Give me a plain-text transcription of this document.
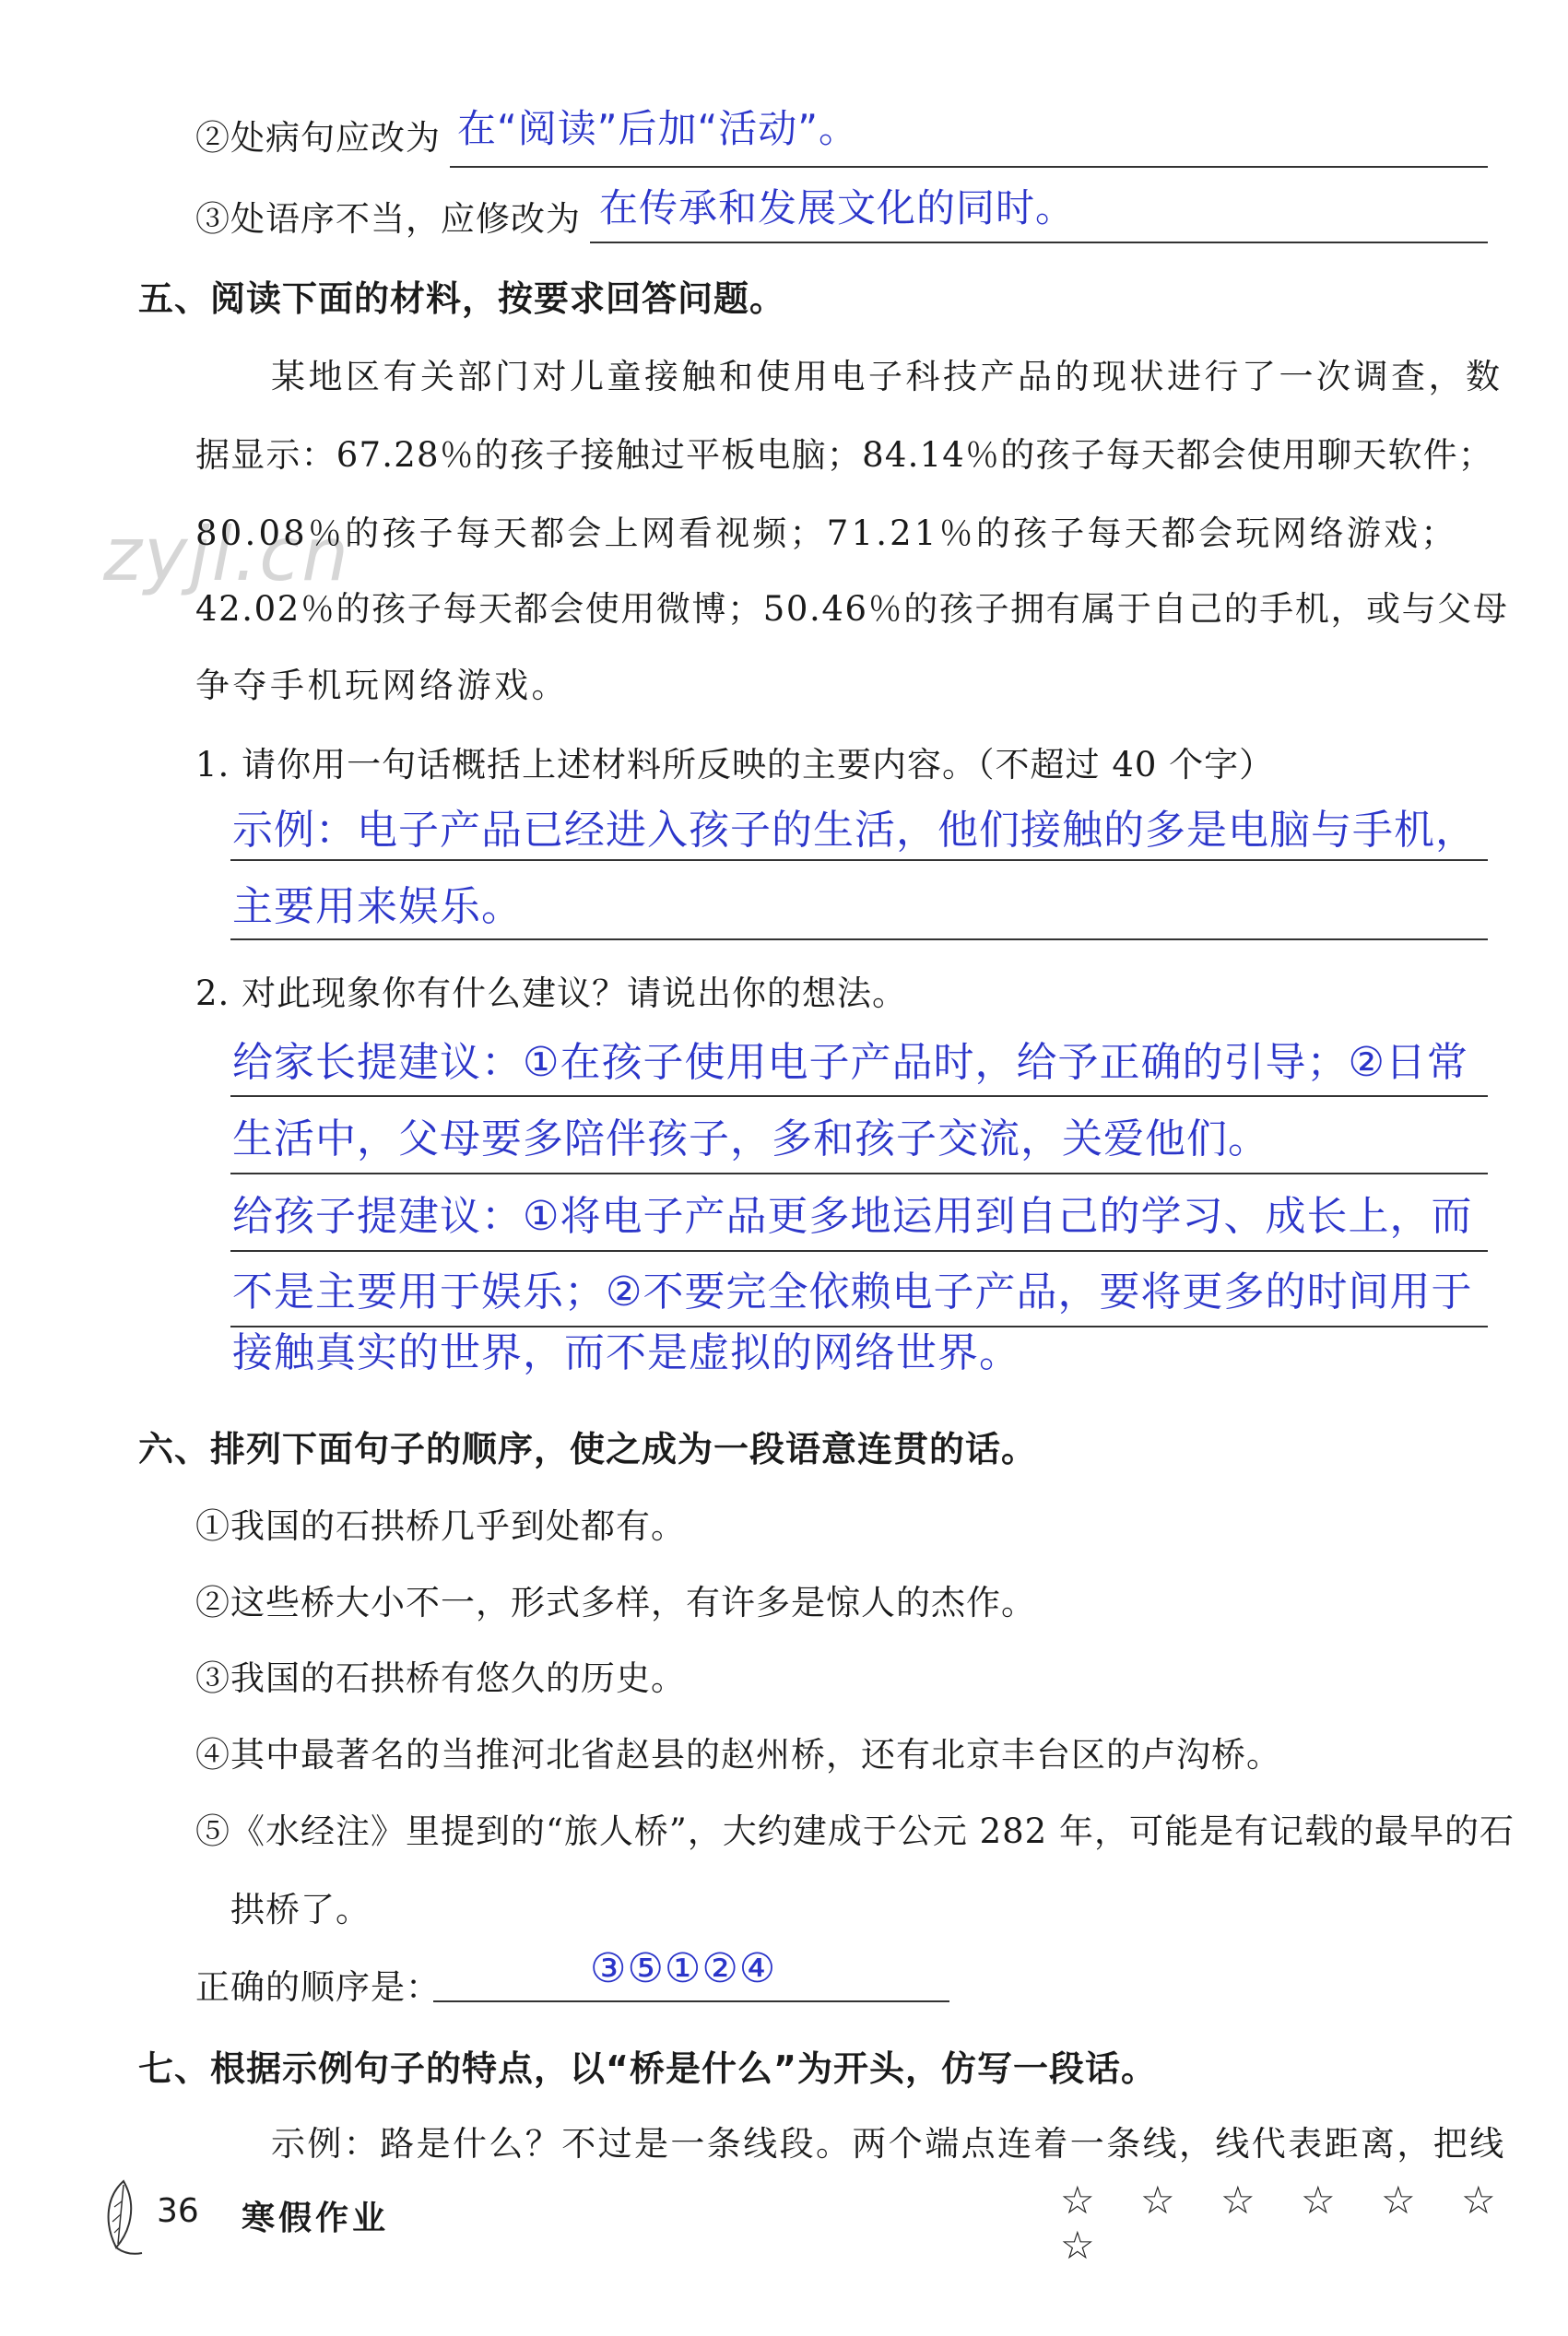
zyjl.cn
②处病句应改为 在“阅读”后加“活动”。
③处语序不当，应修改为 在传承和发展文化的同时。
五、阅读下面的材料，按要求回答问题。
某地区有关部门对儿童接触和使用电子科技产品的现状进行了一次调查，数
据显示：67.28％的孩子接触过平板电脑；84.14％的孩子每天都会使用聊天软件；
80.08％的孩子每天都会上网看视频；71.21％的孩子每天都会玩网络游戏；
42.02％的孩子每天都会使用微博；50.46％的孩子拥有属于自己的手机，或与父母
争夺手机玩网络游戏。
1. 请你用一句话概括上述材料所反映的主要内容。（不超过 40 个字）
示例：电子产品已经进入孩子的生活，他们接触的多是电脑与手机，
主要用来娱乐。
2. 对此现象你有什么建议？请说出你的想法。
给家长提建议：①在孩子使用电子产品时，给予正确的引导；②日常
生活中，父母要多陪伴孩子，多和孩子交流，关爱他们。
给孩子提建议：①将电子产品更多地运用到自己的学习、成长上，而
不是主要用于娱乐；②不要完全依赖电子产品，要将更多的时间用于
接触真实的世界，而不是虚拟的网络世界。
六、排列下面句子的顺序，使之成为一段语意连贯的话。
①我国的石拱桥几乎到处都有。
②这些桥大小不一，形式多样，有许多是惊人的杰作。
③我国的石拱桥有悠久的历史。
④其中最著名的当推河北省赵县的赵州桥，还有北京丰台区的卢沟桥。
⑤《水经注》里提到的“旅人桥”，大约建成于公元 282 年，可能是有记载的最早的石
拱桥了。
正确的顺序是：	③⑤①②④
七、根据示例句子的特点，以“桥是什么”为开头，仿写一段话。
示例：路是什么？不过是一条线段。两个端点连着一条线，线代表距离，把线
36 寒假作业	☆ ☆ ☆ ☆ ☆ ☆ ☆
